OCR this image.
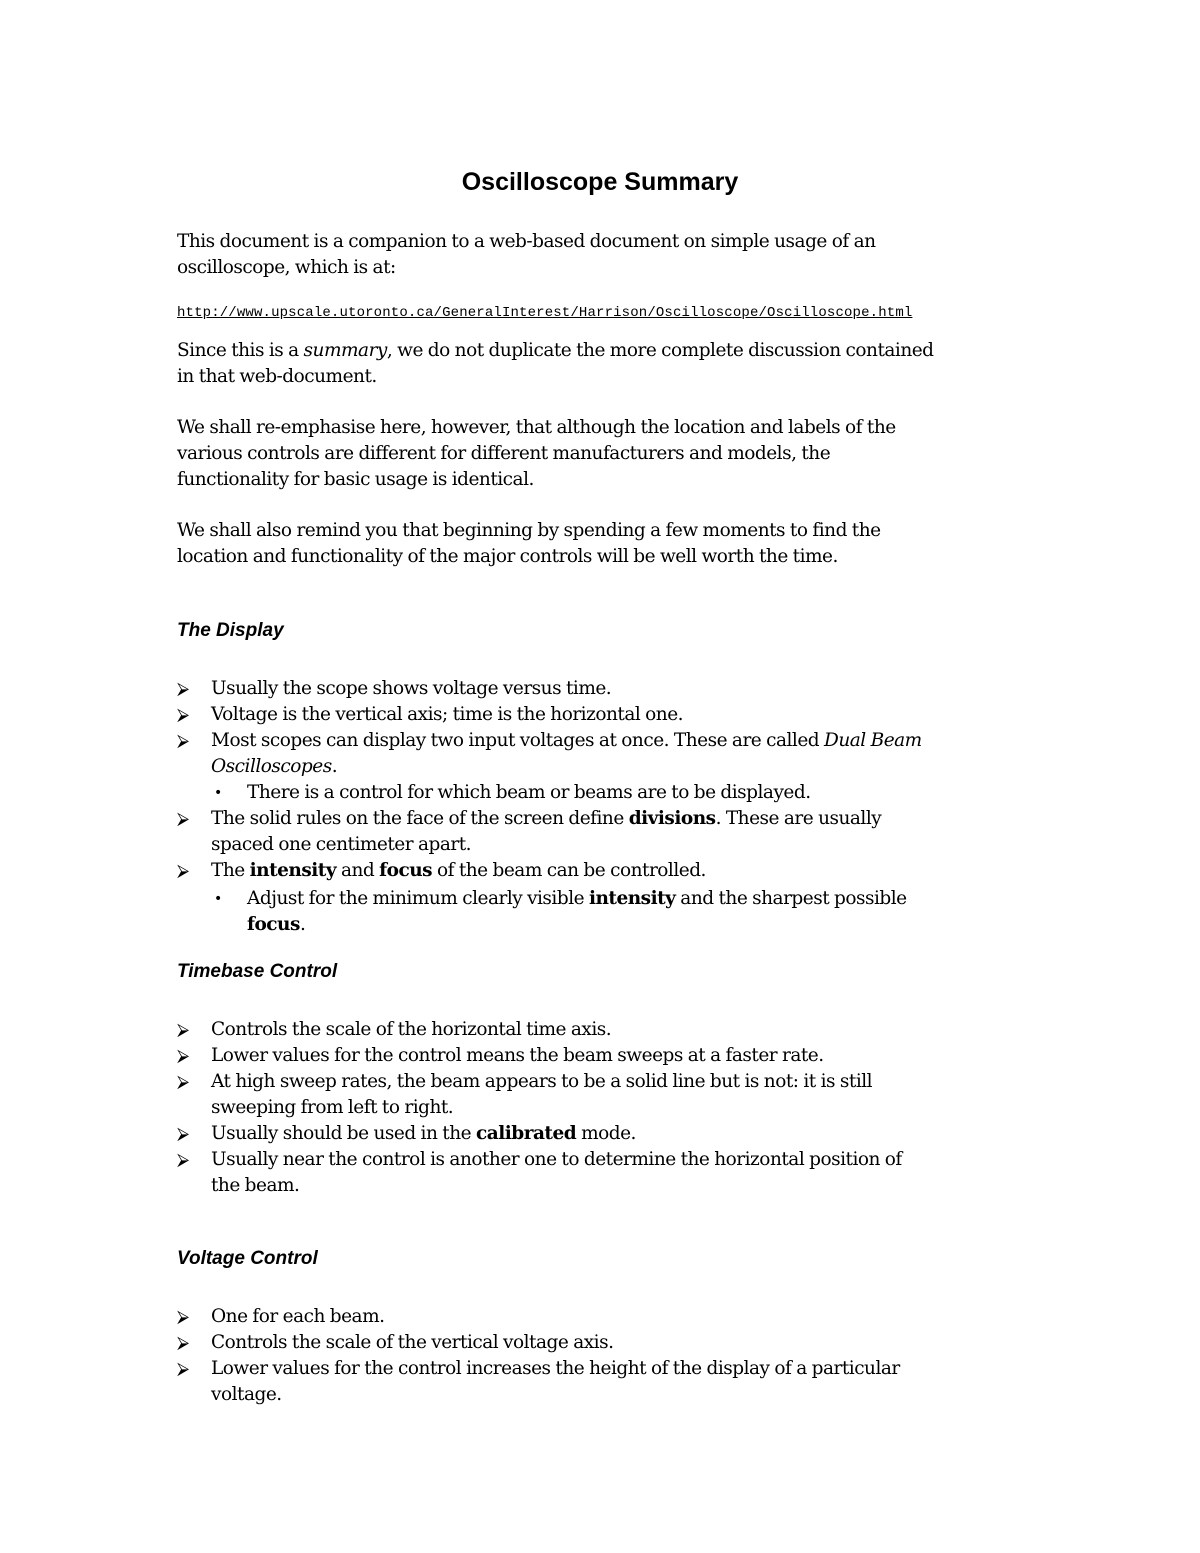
Oscilloscope Summary
This document is a companion to a web-based document on simple usage of an
oscilloscope, which is at:
http://www.upscale.utoronto.ca/GeneralInterest/Harrison/Oscilloscope/Oscilloscope.html
Since this is a summary, we do not duplicate the more complete discussion contained
in that web-document.
We shall re-emphasise here, however, that although the location and labels of the
various controls are different for different manufacturers and models, the
functionality for basic usage is identical.
We shall also remind you that beginning by spending a few moments to find the
location and functionality of the major controls will be well worth the time.
The Display
⮚ Usually the scope shows voltage versus time.
⮚ Voltage is the vertical axis; time is the horizontal one.
⮚ Most scopes can display two input voltages at once. These are called Dual Beam
Oscilloscopes.
• There is a control for which beam or beams are to be displayed.
⮚ The solid rules on the face of the screen define divisions. These are usually
spaced one centimeter apart.
⮚ The intensity and focus of the beam can be controlled.
• Adjust for the minimum clearly visible intensity and the sharpest possible
focus.
Timebase Control
⮚ Controls the scale of the horizontal time axis.
⮚ Lower values for the control means the beam sweeps at a faster rate.
⮚ At high sweep rates, the beam appears to be a solid line but is not: it is still
sweeping from left to right.
⮚ Usually should be used in the calibrated mode.
⮚ Usually near the control is another one to determine the horizontal position of
the beam.
Voltage Control
⮚ One for each beam.
⮚ Controls the scale of the vertical voltage axis.
⮚ Lower values for the control increases the height of the display of a particular
voltage.
